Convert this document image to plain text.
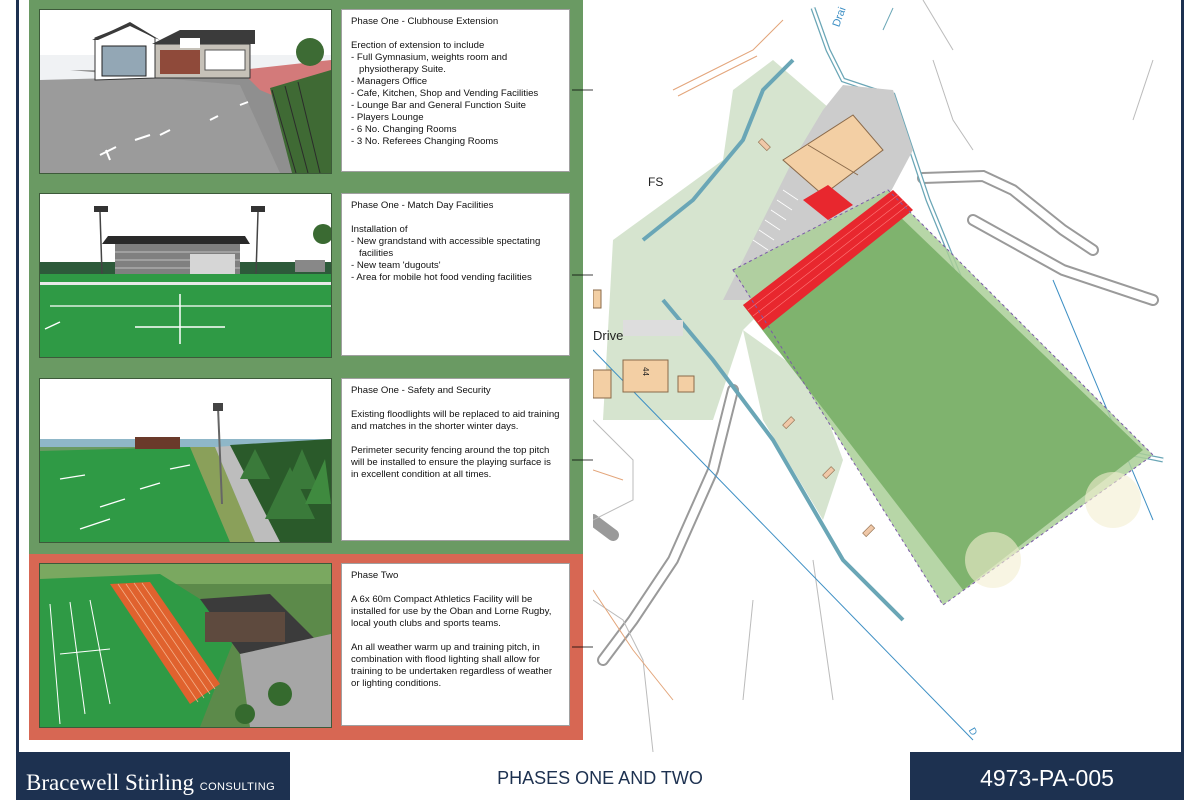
Phase One - Clubhouse Extension
Erection of extension to include
- Full Gymnasium, weights room and physiotherapy Suite.
- Managers Office
- Cafe, Kitchen, Shop and Vending Facilities
- Lounge Bar and General Function Suite
- Players Lounge
- 6 No. Changing Rooms
- 3 No. Referees Changing Rooms
Phase One - Match Day Facilities
Installation of
- New grandstand with accessible spectating facilities
- New team 'dugouts'
- Area for mobile hot food vending facilities
Phase One - Safety and Security

Existing floodlights will be replaced to aid training and matches in the shorter winter days.

Perimeter security fencing around the top pitch will be installed to ensure the playing surface is in excellent condition at all times.

Phase Two

A 6x 60m Compact Athletics Facility will be installed for use by the Oban and Lorne Rugby, local youth clubs and sports teams.

An all weather warm up and training pitch, in combination with flood lighting shall allow for training to be undertaken regardless of weather or lighting conditions.

FS
Drive
Drai
44
D
Bracewell Stirling CONSULTING	PHASES ONE AND TWO	4973-PA-005
